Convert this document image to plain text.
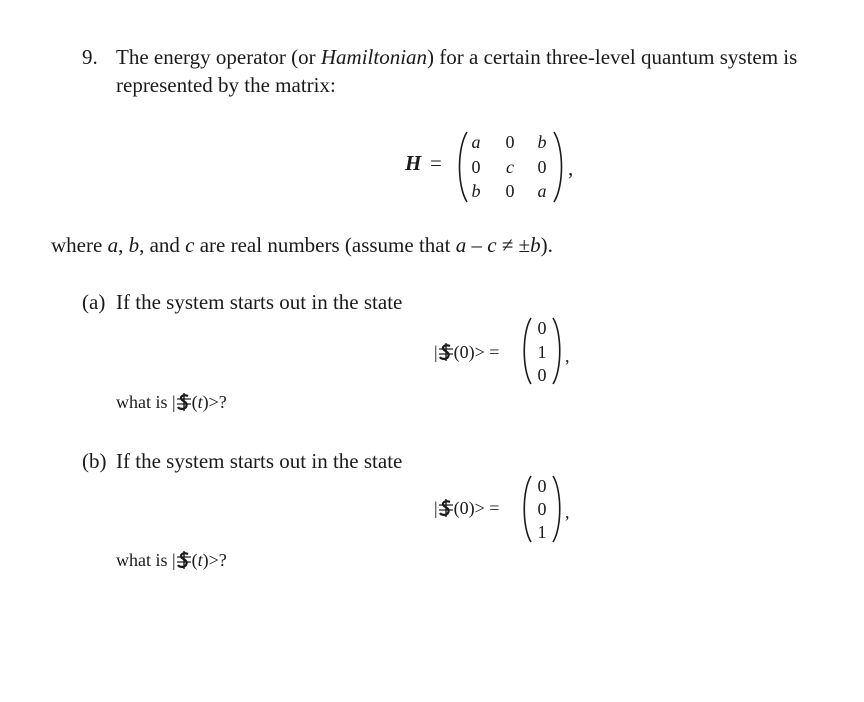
9. The energy operator (or Hamiltonian) for a certain three-level quantum system is
represented by the matrix:
H =
a	0	b
0	c	0
b	0	a
,
where a, b, and c are real numbers (assume that a – c ≠ ±b).
(a) If the system starts out in the state
| (0)> =
0
1
0
,
what is | (t)>?
(b) If the system starts out in the state
| (0)> =
0
0
1
,
what is | (t)>?
